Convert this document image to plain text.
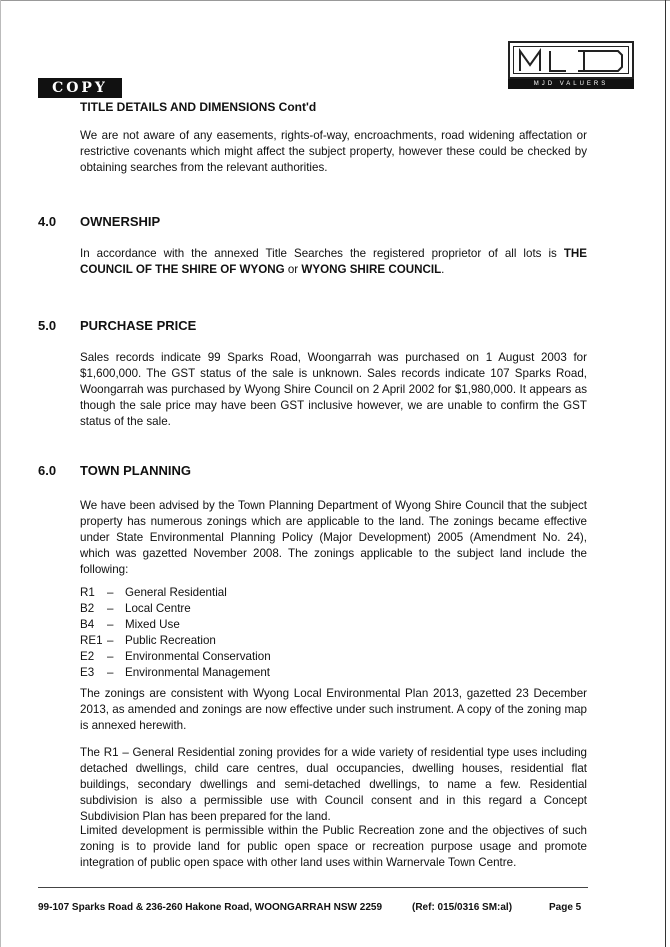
MJD VALUERS
COPY
TITLE DETAILS AND DIMENSIONS Cont'd

We are not aware of any easements, rights-of-way, encroachments, road widening affectation or restrictive covenants which might affect the subject property, however these could be checked by obtaining searches from the relevant authorities.

4.0 OWNERSHIP

In accordance with the annexed Title Searches the registered proprietor of all lots is THE COUNCIL OF THE SHIRE OF WYONG or WYONG SHIRE COUNCIL.

5.0 PURCHASE PRICE

Sales records indicate 99 Sparks Road, Woongarrah was purchased on 1 August 2003 for $1,600,000. The GST status of the sale is unknown. Sales records indicate 107 Sparks Road, Woongarrah was purchased by Wyong Shire Council on 2 April 2002 for $1,980,000. It appears as though the sale price may have been GST inclusive however, we are unable to confirm the GST status of the sale.

6.0 TOWN PLANNING

We have been advised by the Town Planning Department of Wyong Shire Council that the subject property has numerous zonings which are applicable to the land. The zonings became effective under State Environmental Planning Policy (Major Development) 2005 (Amendment No. 24), which was gazetted November 2008. The zonings applicable to the subject land include the following:

R1	– General Residential
B2	– Local Centre
B4	– Mixed Use
RE1 – Public Recreation
E2	– Environmental Conservation
E3	– Environmental Management

The zonings are consistent with Wyong Local Environmental Plan 2013, gazetted 23 December 2013, as amended and zonings are now effective under such instrument. A copy of the zoning map is annexed herewith.

The R1 – General Residential zoning provides for a wide variety of residential type uses including detached dwellings, child care centres, dual occupancies, dwelling houses, residential flat buildings, secondary dwellings and semi-detached dwellings, to name a few. Residential subdivision is also a permissible use with Council consent and in this regard a Concept Subdivision Plan has been prepared for the land.

Limited development is permissible within the Public Recreation zone and the objectives of such zoning is to provide land for public open space or recreation purpose usage and promote integration of public open space with other land uses within Warnervale Town Centre.

99-107 Sparks Road & 236-260 Hakone Road, WOONGARRAH NSW 2259	(Ref: 015/0316 SM:al)	Page 5
